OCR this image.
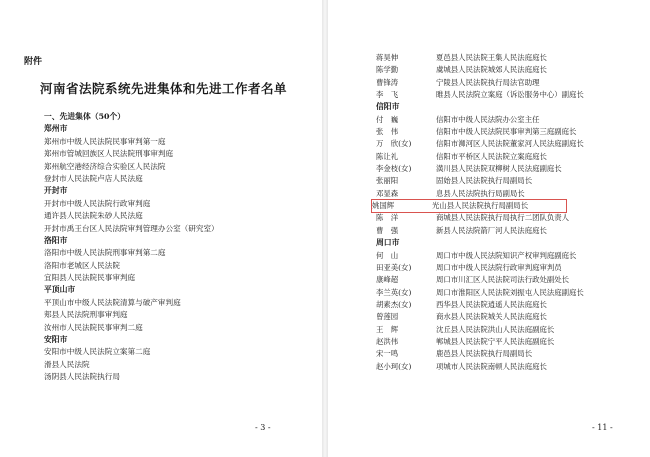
附件
河南省法院系统先进集体和先进工作者名单
一、先进集体（50个）
郑州市
郑州市中级人民法院民事审判第一庭
郑州市管城回族区人民法院刑事审判庭
郑州航空港经济综合实验区人民法院
登封市人民法院卢店人民法庭
开封市
开封市中级人民法院行政审判庭
通许县人民法院朱砂人民法庭
开封市禹王台区人民法院审判管理办公室（研究室）
洛阳市
洛阳市中级人民法院刑事审判第二庭
洛阳市老城区人民法院
宜阳县人民法院民事审判庭
平顶山市
平顶山市中级人民法院清算与破产审判庭
郏县人民法院刑事审判庭
汝州市人民法院民事审判二庭
安阳市
安阳市中级人民法院立案第二庭
滑县人民法院
汤阴县人民法院执行局
- 3 -
蒋昊伸	夏邑县人民法院王集人民法庭庭长
陈学勤	虞城县人民法院城郊人民法庭庭长
曹锋涛	宁陵县人民法院执行局法官助理
李　飞	睢县人民法院立案庭（诉讼服务中心）副庭长
信阳市
付　巍	信阳市中级人民法院办公室主任
张　伟	信阳市中级人民法院民事审判第三庭副庭长
万　欣(女)	信阳市浉河区人民法院董家河人民法庭副庭长
陈让礼	信阳市平桥区人民法院立案庭庭长
李金枝(女)	潢川县人民法院双柳树人民法庭副庭长
张丽阳	固始县人民法院执行局副局长
邓显森	息县人民法院执行局副局长
姚国辉	光山县人民法院执行局副局长
陈　洋	商城县人民法院执行局执行二团队负责人
曹　强	新县人民法院箭厂河人民法庭庭长
周口市
何　山	周口市中级人民法院知识产权审判庭副庭长
田亚美(女)	周口市中级人民法院行政审判庭审判员
康峰超	周口市川汇区人民法院司法行政处副处长
李兰英(女)	周口市淮阳区人民法院刘振屯人民法庭副庭长
胡素杰(女)	西华县人民法院逍遥人民法庭庭长
曾莲园	商水县人民法院城关人民法庭庭长
王　辉	沈丘县人民法院洪山人民法庭副庭长
赵洪伟	郸城县人民法院宁平人民法庭副庭长
宋一鸣	鹿邑县人民法院执行局副局长
赵小珂(女)	项城市人民法院南顿人民法庭庭长
- 11 -
